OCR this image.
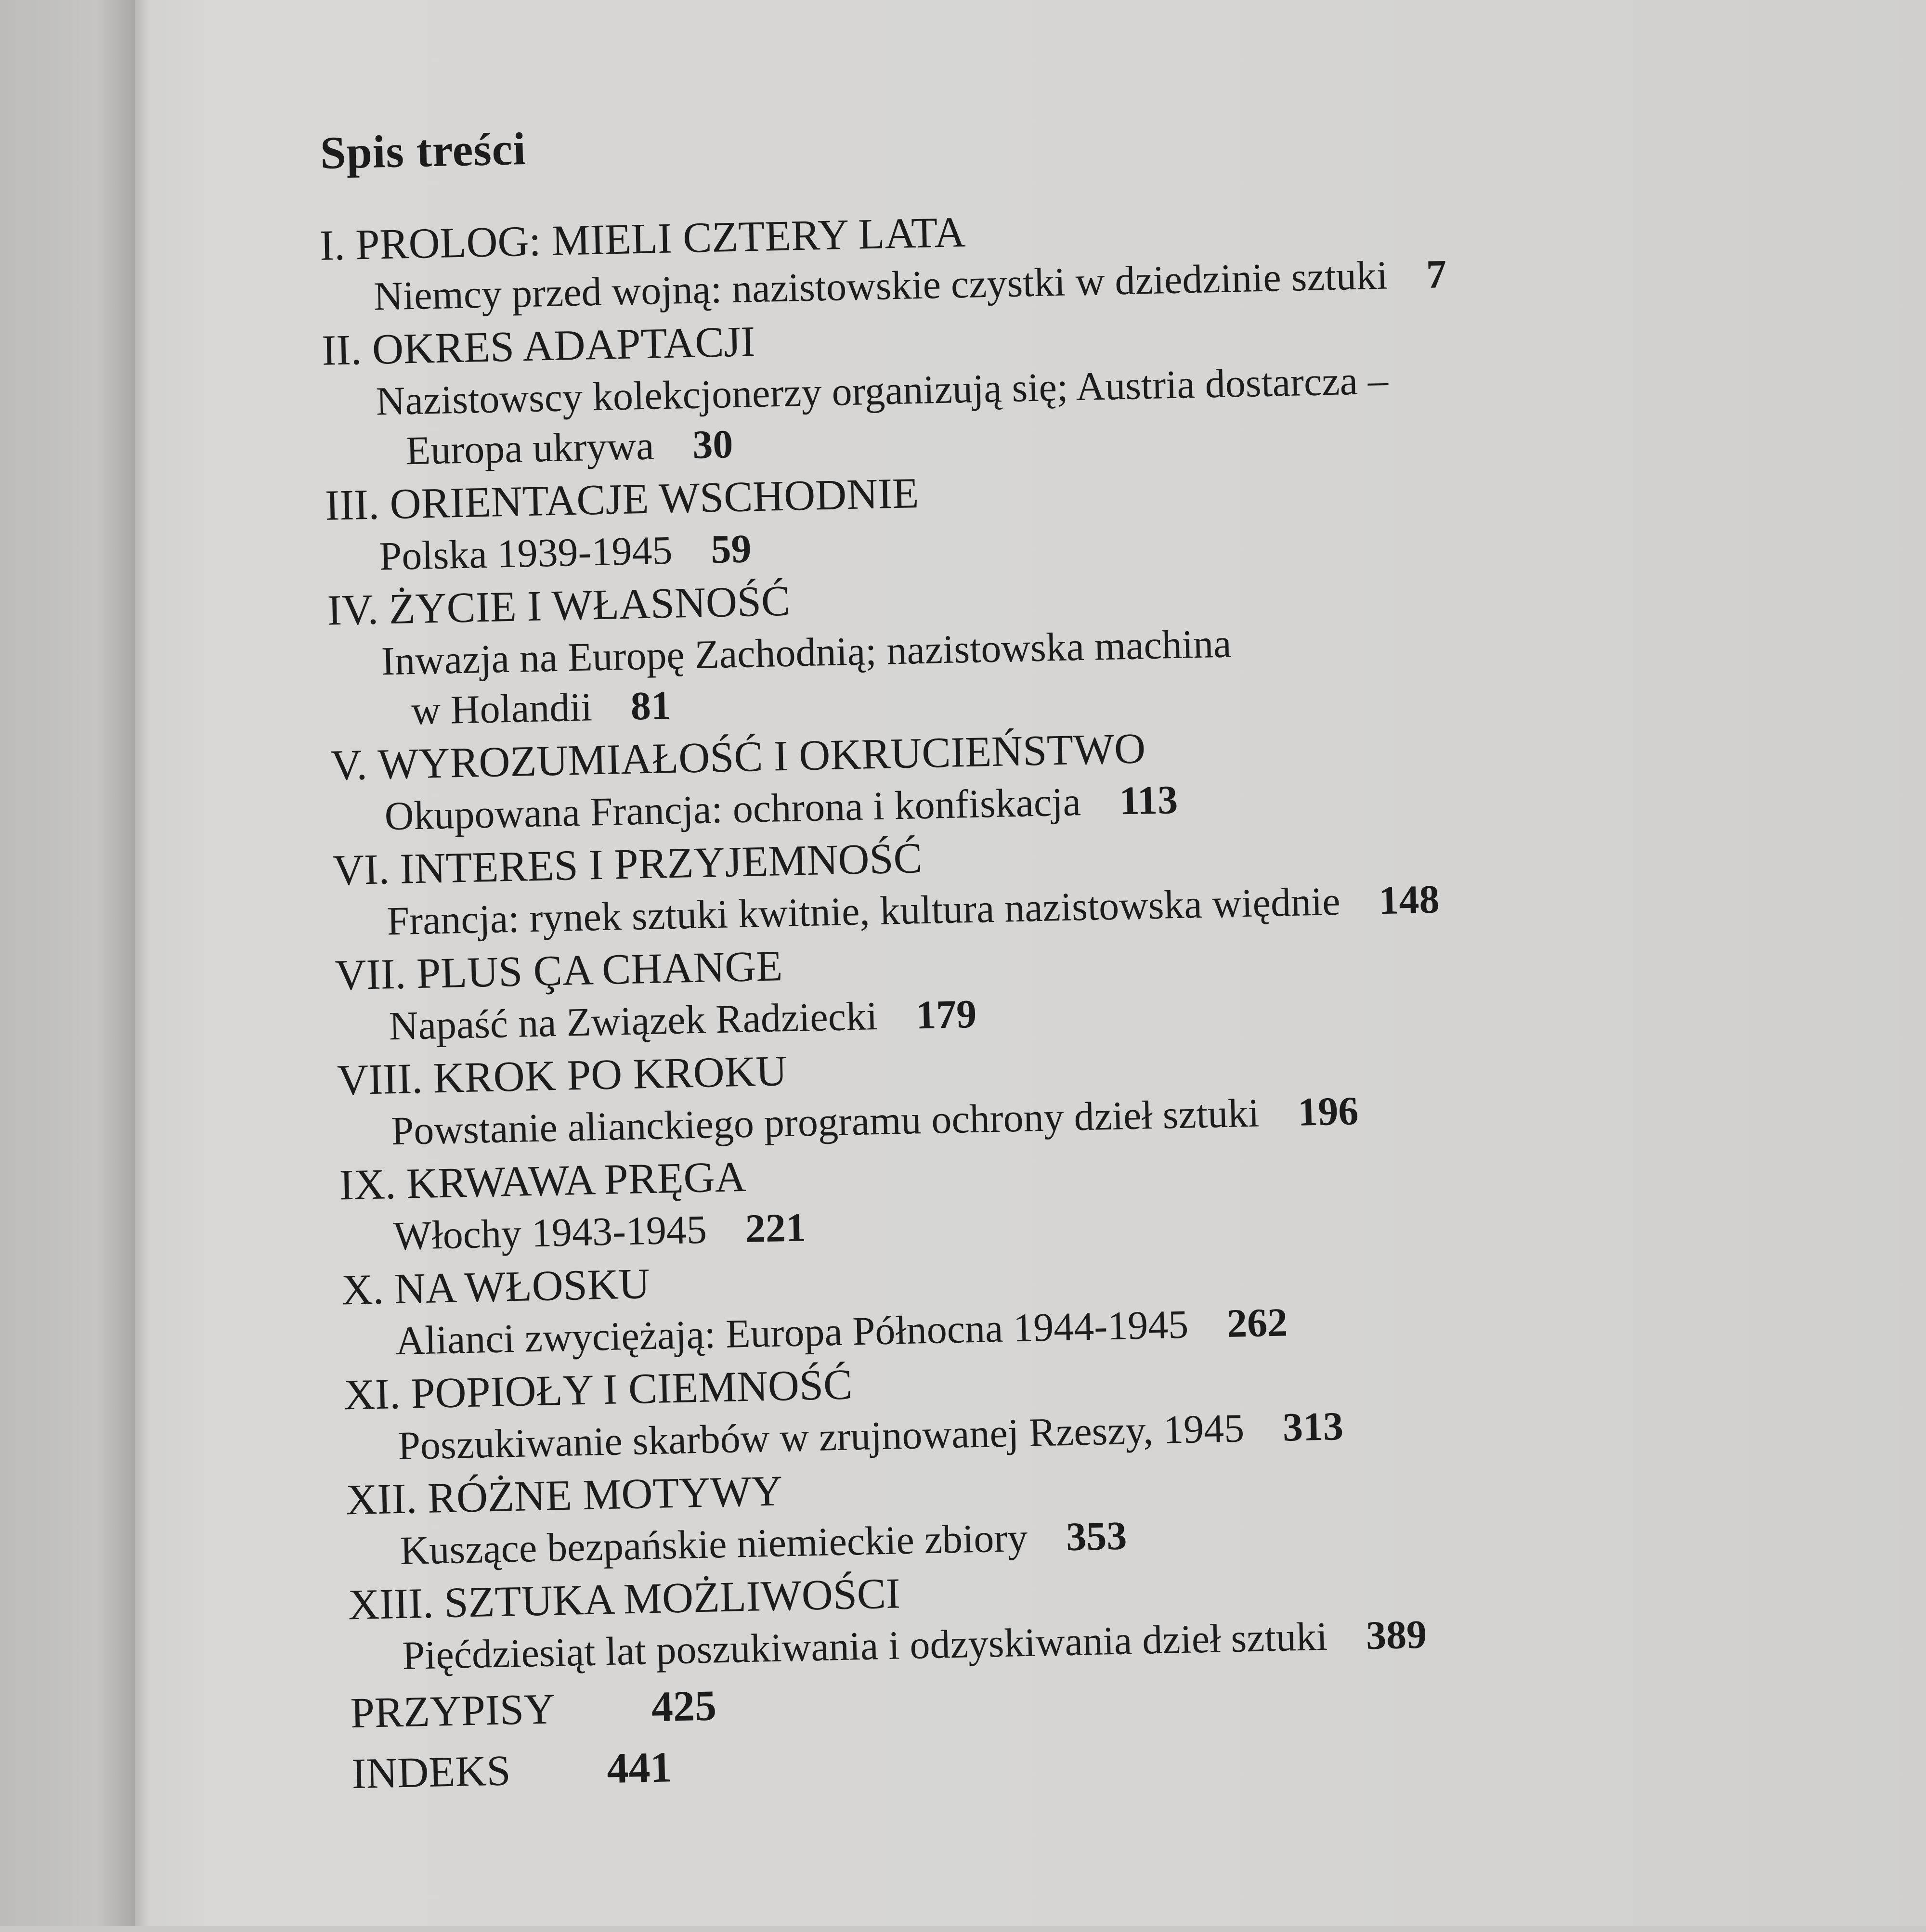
Spis treści
I. PROLOG: MIELI CZTERY LATA
Niemcy przed wojną: nazistowskie czystki w dziedzinie sztuki 7
II. OKRES ADAPTACJI
Nazistowscy kolekcjonerzy organizują się; Austria dostarcza –
Europa ukrywa 30
III. ORIENTACJE WSCHODNIE
Polska 1939-1945 59
IV. ŻYCIE I WŁASNOŚĆ
Inwazja na Europę Zachodnią; nazistowska machina
w Holandii 81
V. WYROZUMIAŁOŚĆ I OKRUCIEŃSTWO
Okupowana Francja: ochrona i konfiskacja 113
VI. INTERES I PRZYJEMNOŚĆ
Francja: rynek sztuki kwitnie, kultura nazistowska więdnie 148
VII. PLUS ÇA CHANGE
Napaść na Związek Radziecki 179
VIII. KROK PO KROKU
Powstanie alianckiego programu ochrony dzieł sztuki 196
IX. KRWAWA PRĘGA
Włochy 1943-1945 221
X. NA WŁOSKU
Alianci zwyciężają: Europa Północna 1944-1945 262
XI. POPIOŁY I CIEMNOŚĆ
Poszukiwanie skarbów w zrujnowanej Rzeszy, 1945 313
XII. RÓŻNE MOTYWY
Kuszące bezpańskie niemieckie zbiory 353
XIII. SZTUKA MOŻLIWOŚCI
Pięćdziesiąt lat poszukiwania i odzyskiwania dzieł sztuki 389
PRZYPISY 425
INDEKS 441
